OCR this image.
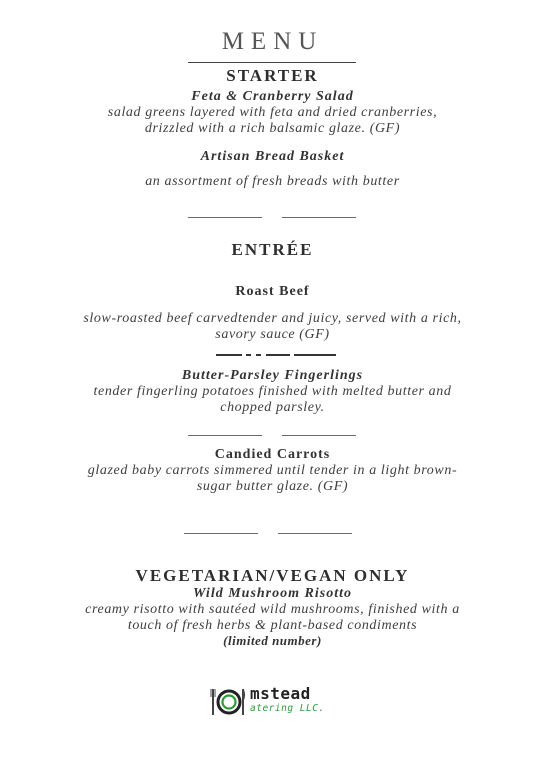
MENU
STARTER
Feta & Cranberry Salad
salad greens layered with feta and dried cranberries,
drizzled with a rich balsamic glaze. (GF)
Artisan Bread Basket
an assortment of fresh breads with butter
ENTRÉE
Roast Beef
slow-roasted beef carvedtender and juicy, served with a rich,
savory sauce (GF)
Butter-Parsley Fingerlings
tender fingerling potatoes finished with melted butter and
chopped parsley.
Candied Carrots
glazed baby carrots simmered until tender in a light brown-
sugar butter glaze. (GF)
VEGETARIAN/VEGAN ONLY
Wild Mushroom Risotto
creamy risotto with sautéed wild mushrooms, finished with a
touch of fresh herbs & plant-based condiments
(limited number)
mstead
atering LLC.
